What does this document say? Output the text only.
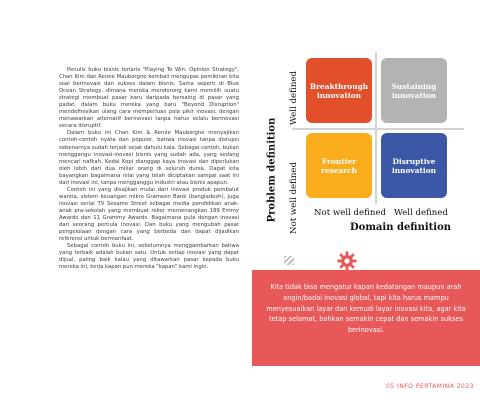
Penulis buku bisnis terlaris "Playing To Win: Opinion Strategy", Chan Kim dan Renée Mauborgne kembali mengupas pemikiran kita soal berinovasi dan sukses dalam bisnis. Sama seperti di Blue Ocean Strategy, dimana mereka mendorong kami memilih suatu strategi membuat pasar baru daripada bersaing di pasar yang padat, dalam buku mereka yang baru "Beyond Disruption" mendefinisikan ulang cara memperluas pola pikir inovasi, dengan menawarkan alternatif berinovasi tanpa harus selalu berinovasi secara disruptif.

Dalam buku ini Chan Kim & Renée Mauborgne menyajikan contoh-contoh nyata dan populer, bahwa inovasi tanpa disrupsi sebenarnya sudah terjadi sejak dahulu kala. Sebagai contoh, bukan menggangu inovasi-inovasi bisnis yang sudah ada, yang sedang mencari nafkah. Kedai Kopi dianggap kaya inovasi dan diperlukan oleh lebih dari dua miliar orang di seluruh dunia. Dapat kita bayangkan bagaimana nilai yang telah diciptakan sampai saat ini dari inovasi ini, tanpa mengganggu industri atau bisnis apapun.

Contoh ini yang disajikan mulai dari inovasi produk pembalut wanita, sistem keuangan mikro Grameen Bank (bangladesh), juga inovasi serial TV Sesame Street sebagai media pendidikan anak-anak pra-sekolah yang membuat rekor memenangkan 189 Emmy Awards dan 11 Grammy Awards. Bagaimana pula dengan inovasi dari seorang pemula inovasi. Dan buku yang mengubah pasar pengelolaan dengan cara yang berbeda dan dapat dijadikan referensi untuk bermanfaat.

Sebagai contoh buku ini, sebelumnya menggambarkan bahwa yang terbaik adalah bukan satu. Untuk setiap inovasi yang dapat dijual, paling baik kalau yang ditawarkan pasar kepada buku mereka ini, kerja kapan pun mereka "kapan" kami ingin.

Problem definition
Well defined
Not well defined
Breakthrough innovation
Sustaining innovation
Frontier research
Disruptive innovation
Not well defined Well defined
Domain definition
Kita tidak bisa mengatur kapan kedatangan maupun arah angin/badai inovasi global, tapi kita harus mampu menyesuaikan layar dan kemudi layar inovasi kita, agar kita tetap selamat, bahkan semakin cepat dan semakin sukses berinovasi.
05 INFO PERTAMINA 2023
